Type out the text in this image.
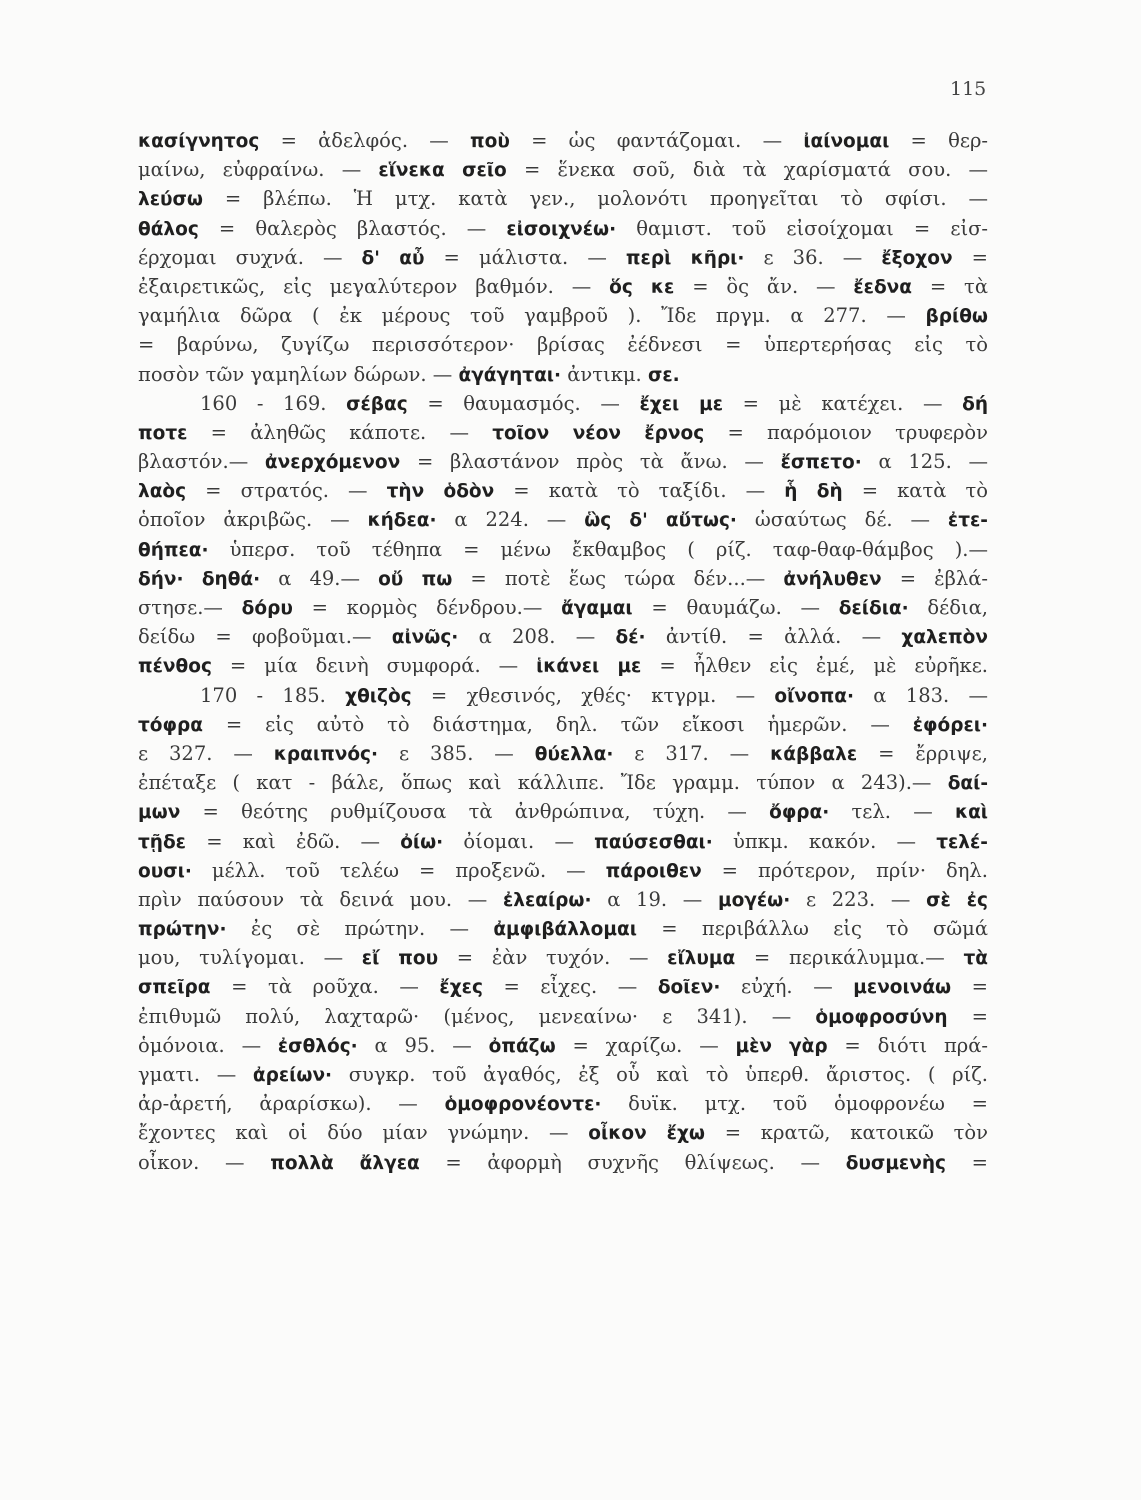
115
κασίγνητος = ἀδελφός. — ποὺ = ὡς φαντάζομαι. — ἰαίνομαι = θερ-
μαίνω, εὐφραίνω. — εἵνεκα σεῖο = ἕνεκα σοῦ, διὰ τὰ χαρίσματά σου. —
λεύσω = βλέπω. Ἡ μτχ. κατὰ γεν., μολονότι προηγεῖται τὸ σφίσι. —
θάλος = θαλερὸς βλαστός. — εἰσοιχνέω· θαμιστ. τοῦ εἰσοίχομαι = εἰσ-
έρχομαι συχνά. — δ' αὖ = μάλιστα. — περὶ κῆρι· ε 36. — ἔξοχον =
ἐξαιρετικῶς, εἰς μεγαλύτερον βαθμόν. — ὅς κε = ὃς ἄν. — ἔεδνα = τὰ
γαμήλια δῶρα ( ἐκ μέρους τοῦ γαμβροῦ ). Ἴδε πργμ. α 277. — βρίθω
= βαρύνω, ζυγίζω περισσότερον· βρίσας ἐέδνεσι = ὑπερτερήσας εἰς τὸ
ποσὸν τῶν γαμηλίων δώρων. — ἀγάγηται· ἀντικμ. σε.
160 - 169. σέβας = θαυμασμός. — ἔχει με = μὲ κατέχει. — δή
ποτε = ἀληθῶς κάποτε. — τοῖον νέον ἔρνος = παρόμοιον τρυφερὸν
βλαστόν.— ἀνερχόμενον = βλαστάνον πρὸς τὰ ἄνω. — ἔσπετο· α 125. —
λαὸς = στρατός. — τὴν ὁδὸν = κατὰ τὸ ταξίδι. — ἧ δὴ = κατὰ τὸ
ὁποῖον ἀκριβῶς. — κήδεα· α 224. — ὣς δ' αὔτως· ὡσαύτως δέ. — ἐτε-
θήπεα· ὑπερσ. τοῦ τέθηπα = μένω ἔκθαμβος ( ρίζ. ταφ-θαφ-θάμβος ).—
δήν· δηθά· α 49.— οὔ πω = ποτὲ ἕως τώρα δέν...— ἀνήλυθεν = ἐβλά-
στησε.— δόρυ = κορμὸς δένδρου.— ἄγαμαι = θαυμάζω. — δείδια· δέδια,
δείδω = φοβοῦμαι.— αἰνῶς· α 208. — δέ· ἀντίθ. = ἀλλά. — χαλεπὸν
πένθος = μία δεινὴ συμφορά. — ἱκάνει με = ἦλθεν εἰς ἐμέ, μὲ εὐρῆκε.
170 - 185. χθιζὸς = χθεσινός, χθές· κτγρμ. — οἴνοπα· α 183. —
τόφρα = εἰς αὐτὸ τὸ διάστημα, δηλ. τῶν εἴκοσι ἡμερῶν. — ἐφόρει·
ε 327. — κραιπνός· ε 385. — θύελλα· ε 317. — κάββαλε = ἔρριψε,
ἐπέταξε ( κατ - βάλε, ὅπως καὶ κάλλιπε. Ἴδε γραμμ. τύπον α 243).— δαί-
μων = θεότης ρυθμίζουσα τὰ ἀνθρώπινα, τύχη. — ὄφρα· τελ. — καὶ
τῇδε = καὶ ἐδῶ. — ὀίω· ὀίομαι. — παύσεσθαι· ὑπκμ. κακόν. — τελέ-
ουσι· μέλλ. τοῦ τελέω = προξενῶ. — πάροιθεν = πρότερον, πρίν· δηλ.
πρὶν παύσουν τὰ δεινά μου. — ἐλεαίρω· α 19. — μογέω· ε 223. — σὲ ἐς
πρώτην· ἐς σὲ πρώτην. — ἀμφιβάλλομαι = περιβάλλω εἰς τὸ σῶμά
μου, τυλίγομαι. — εἴ που = ἐὰν τυχόν. — εἴλυμα = περικάλυμμα.— τὰ
σπεῖρα = τὰ ροῦχα. — ἔχες = εἶχες. — δοῖεν· εὐχή. — μενοινάω =
ἐπιθυμῶ πολύ, λαχταρῶ· (μένος, μενεαίνω· ε 341). — ὁμοφροσύνη =
ὁμόνοια. — ἐσθλός· α 95. — ὀπάζω = χαρίζω. — μὲν γὰρ = διότι πρά-
γματι. — ἀρείων· συγκρ. τοῦ ἀγαθός, ἐξ οὗ καὶ τὸ ὑπερθ. ἄριστος. ( ρίζ.
ἀρ-ἀρετή, ἀραρίσκω). — ὁμοφρονέοντε· δυϊκ. μτχ. τοῦ ὁμοφρονέω =
ἔχοντες καὶ οἱ δύο μίαν γνώμην. — οἶκον ἔχω = κρατῶ, κατοικῶ τὸν
οἶκον. — πολλὰ ἄλγεα = ἀφορμὴ συχνῆς θλίψεως. — δυσμενὴς =
